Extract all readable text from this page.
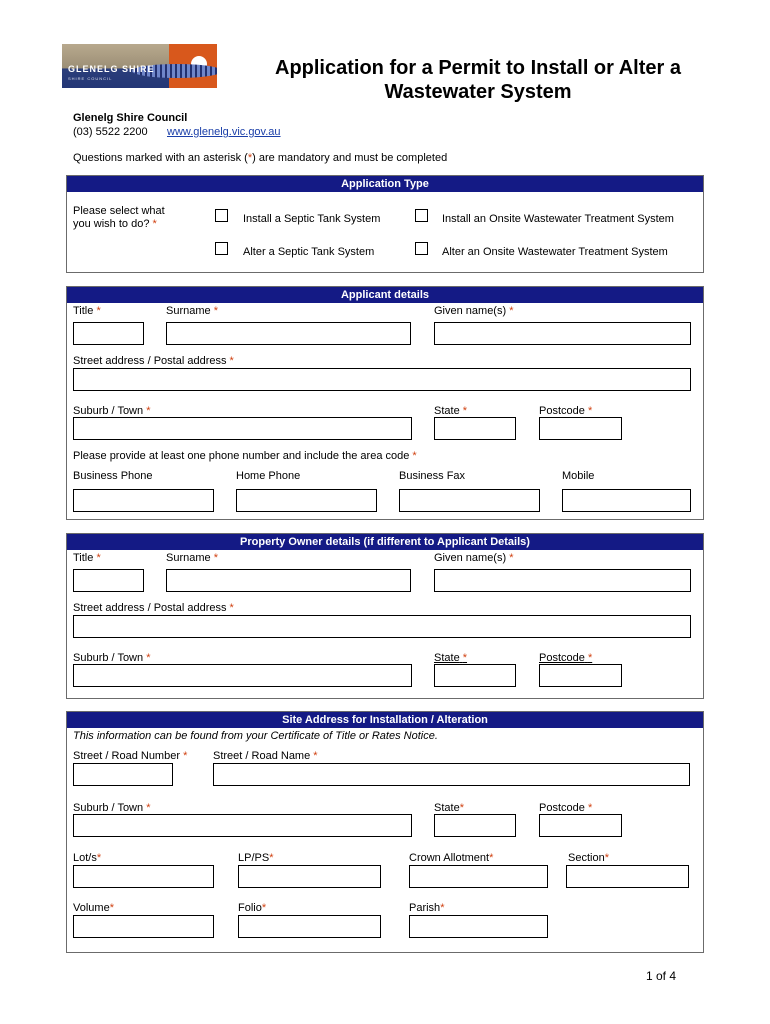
GLENELG SHIRE
SHIRE COUNCIL	Application for a Permit to Install or Alter a Wastewater System
Glenelg Shire Council
(03) 5522 2200 www.glenelg.vic.gov.au
Questions marked with an asterisk (*) are mandatory and must be completed
Application Type
Please select what you wish to do? *	Install a Septic Tank System	Install an Onsite Wastewater Treatment System
Alter a Septic Tank System	Alter an Onsite Wastewater Treatment System
Applicant details
Title *	Surname *	Given name(s) *
Street address / Postal address *
Suburb / Town *	State *	Postcode *
Please provide at least one phone number and include the area code *
Business Phone	Home Phone	Business Fax	Mobile
Property Owner details (if different to Applicant Details)
Title *	Surname *	Given name(s) *
Street address / Postal address *
Suburb / Town *	State *	Postcode *
Site Address for Installation / Alteration
This information can be found from your Certificate of Title or Rates Notice.
Street / Road Number * Street / Road Name *
Suburb / Town *	State*	Postcode *
Lot/s*	LP/PS*	Crown Allotment*	Section*
Volume*	Folio*	Parish*
1 of 4
